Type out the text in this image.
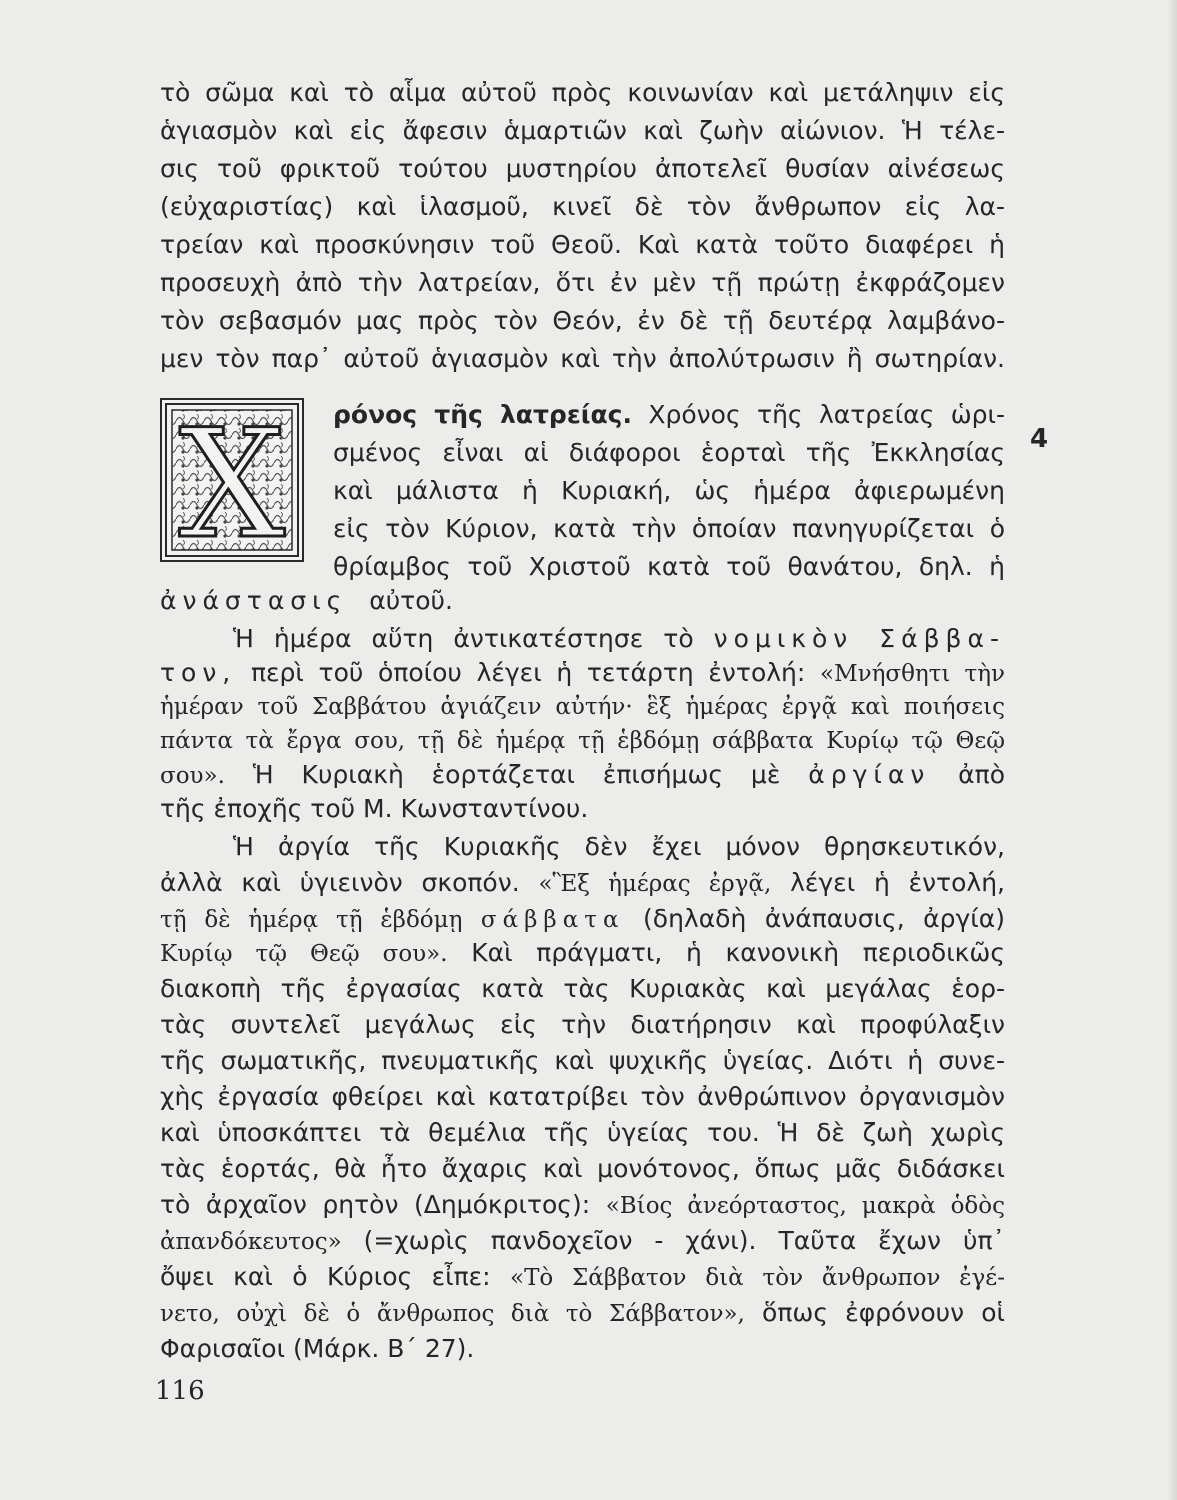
τὸ σῶμα καὶ τὸ αἷμα αὐτοῦ πρὸς κοινωνίαν καὶ μετάληψιν εἰς
ἁγιασμὸν καὶ εἰς ἄφεσιν ἁμαρτιῶν καὶ ζωὴν αἰώνιον. Ἡ τέλε-
σις τοῦ φρικτοῦ τούτου μυστηρίου ἀποτελεῖ θυσίαν αἰνέσεως
(εὐχαριστίας) καὶ ἱλασμοῦ, κινεῖ δὲ τὸν ἄνθρωπον εἰς λα-
τρείαν καὶ προσκύνησιν τοῦ Θεοῦ. Καὶ κατὰ τοῦτο διαφέρει ἡ
προσευχὴ ἀπὸ τὴν λατρείαν, ὅτι ἐν μὲν τῇ πρώτῃ ἐκφράζομεν
τὸν σεβασμόν μας πρὸς τὸν Θεόν, ἐν δὲ τῇ δευτέρᾳ λαμβάνο-
μεν τὸν παρ᾽ αὐτοῦ ἁγιασμὸν καὶ τὴν ἀπολύτρωσιν ἢ σωτηρίαν.
X ρόνος τῆς λατρείας. Χρόνος τῆς λατρείας ὡρι-
4
σμένος εἶναι αἱ διάφοροι ἑορταὶ τῆς Ἐκκλησίας
καὶ μάλιστα ἡ Κυριακή, ὡς ἡμέρα ἀφιερωμένη
εἰς τὸν Κύριον, κατὰ τὴν ὁποίαν πανηγυρίζεται ὁ
θρίαμβος τοῦ Χριστοῦ κατὰ τοῦ θανάτου, δηλ. ἡ
ἀνάστασις αὐτοῦ.
Ἡ ἡμέρα αὕτη ἀντικατέστησε τὸ νομικὸν Σάββα-
τον, περὶ τοῦ ὁποίου λέγει ἡ τετάρτη ἐντολή: «Μνήσθητι τὴν
ἡμέραν τοῦ Σαββάτου ἁγιάζειν αὐτήν· ἓξ ἡμέρας ἐργᾷ καὶ ποιήσεις
πάντα τὰ ἔργα σου, τῇ δὲ ἡμέρᾳ τῇ ἑβδόμῃ σάββατα Κυρίῳ τῷ Θεῷ
σου». Ἡ Κυριακὴ ἑορτάζεται ἐπισήμως μὲ ἀργίαν ἀπὸ
τῆς ἐποχῆς τοῦ Μ. Κωνσταντίνου.
Ἡ ἀργία τῆς Κυριακῆς δὲν ἔχει μόνον θρησκευτικόν,
ἀλλὰ καὶ ὑγιεινὸν σκοπόν. «Ἓξ ἡμέρας ἐργᾷ, λέγει ἡ ἐντολή,
τῇ δὲ ἡμέρᾳ τῇ ἑβδόμῃ σάββατα (δηλαδὴ ἀνάπαυσις, ἀργία)
Κυρίῳ τῷ Θεῷ σου». Καὶ πράγματι, ἡ κανονικὴ περιοδικῶς
διακοπὴ τῆς ἐργασίας κατὰ τὰς Κυριακὰς καὶ μεγάλας ἑορ-
τὰς συντελεῖ μεγάλως εἰς τὴν διατήρησιν καὶ προφύλαξιν
τῆς σωματικῆς, πνευματικῆς καὶ ψυχικῆς ὑγείας. Διότι ἡ συνε-
χὴς ἐργασία φθείρει καὶ κατατρίβει τὸν ἀνθρώπινον ὀργανισμὸν
καὶ ὑποσκάπτει τὰ θεμέλια τῆς ὑγείας του. Ἡ δὲ ζωὴ χωρὶς
τὰς ἑορτάς, θὰ ἦτο ἄχαρις καὶ μονότονος, ὅπως μᾶς διδάσκει
τὸ ἀρχαῖον ρητὸν (Δημόκριτος): «Βίος ἀνεόρταστος, μακρὰ ὁδὸς
ἀπανδόκευτος» (=χωρὶς πανδοχεῖον - χάνι). Ταῦτα ἔχων ὑπ᾽
ὄψει καὶ ὁ Κύριος εἶπε: «Τὸ Σάββατον διὰ τὸν ἄνθρωπον ἐγέ-
νετο, οὐχὶ δὲ ὁ ἄνθρωπος διὰ τὸ Σάββατον», ὅπως ἐφρόνουν οἱ
Φαρισαῖοι (Μάρκ. Β΄ 27).
116
